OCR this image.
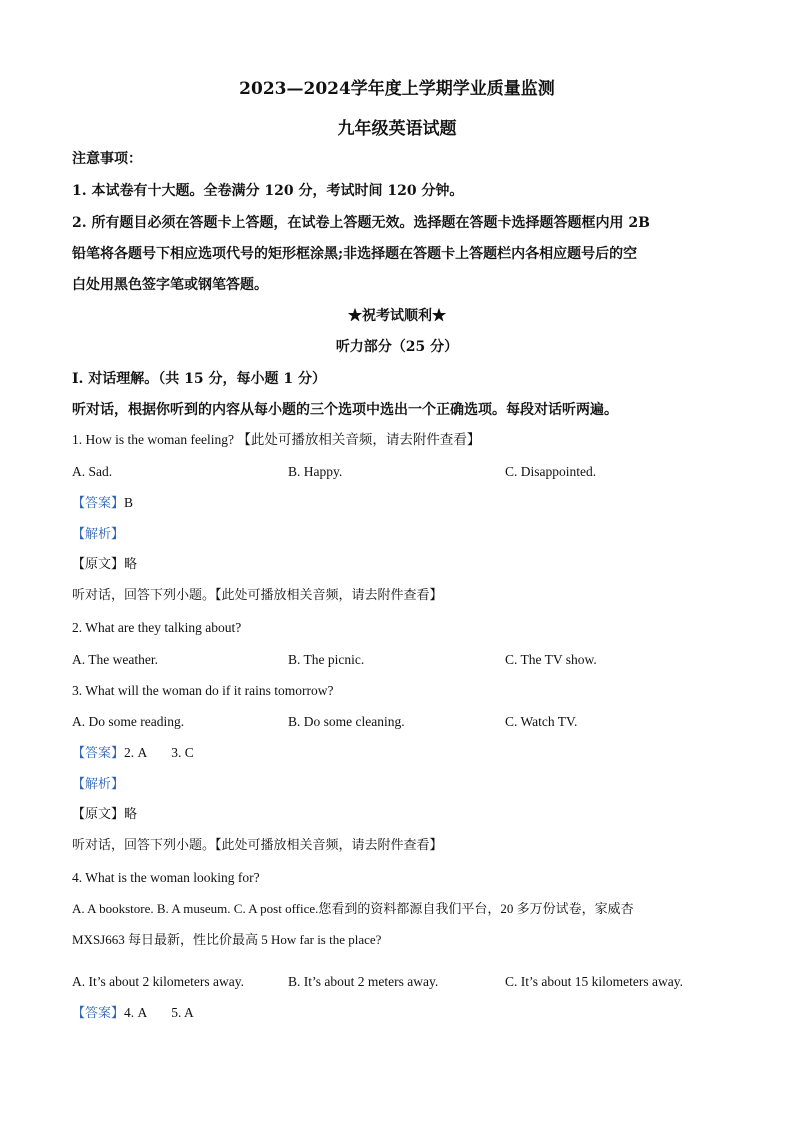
2023—2024学年度上学期学业质量监测
九年级英语试题
注意事项：
1. 本试卷有十大题。全卷满分 120 分，考试时间 120 分钟。
2. 所有题目必须在答题卡上答题，在试卷上答题无效。选择题在答题卡选择题答题框内用 2B
铅笔将各题号下相应选项代号的矩形框涂黑;非选择题在答题卡上答题栏内各相应题号后的空
白处用黑色签字笔或钢笔答题。
★祝考试顺利★
听力部分（25 分）
I. 对话理解。（共 15 分，每小题 1 分）
听对话，根据你听到的内容从每小题的三个选项中选出一个正确选项。每段对话听两遍。
1. How is the woman feeling? 【此处可播放相关音频，请去附件查看】
A. Sad.	B. Happy.	C. Disappointed.
【答案】B
【解析】
【原文】略
听对话，回答下列小题。【此处可播放相关音频，请去附件查看】
2. What are they talking about?
A. The weather.	B. The picnic.	C. The TV show.
3. What will the woman do if it rains tomorrow?
A. Do some reading.	B. Do some cleaning.	C. Watch TV.
【答案】2. A 3. C
【解析】
【原文】略
听对话，回答下列小题。【此处可播放相关音频，请去附件查看】
4. What is the woman looking for?
A. A bookstore. B. A museum. C. A post office.您看到的资料都源自我们平台，20 多万份试卷，家威杏
MXSJ663 每日最新，性比价最高 5 How far is the place?
A. It’s about 2 kilometers away.	B. It’s about 2 meters away.	C. It’s about 15 kilometers away.
【答案】4. A 5. A
